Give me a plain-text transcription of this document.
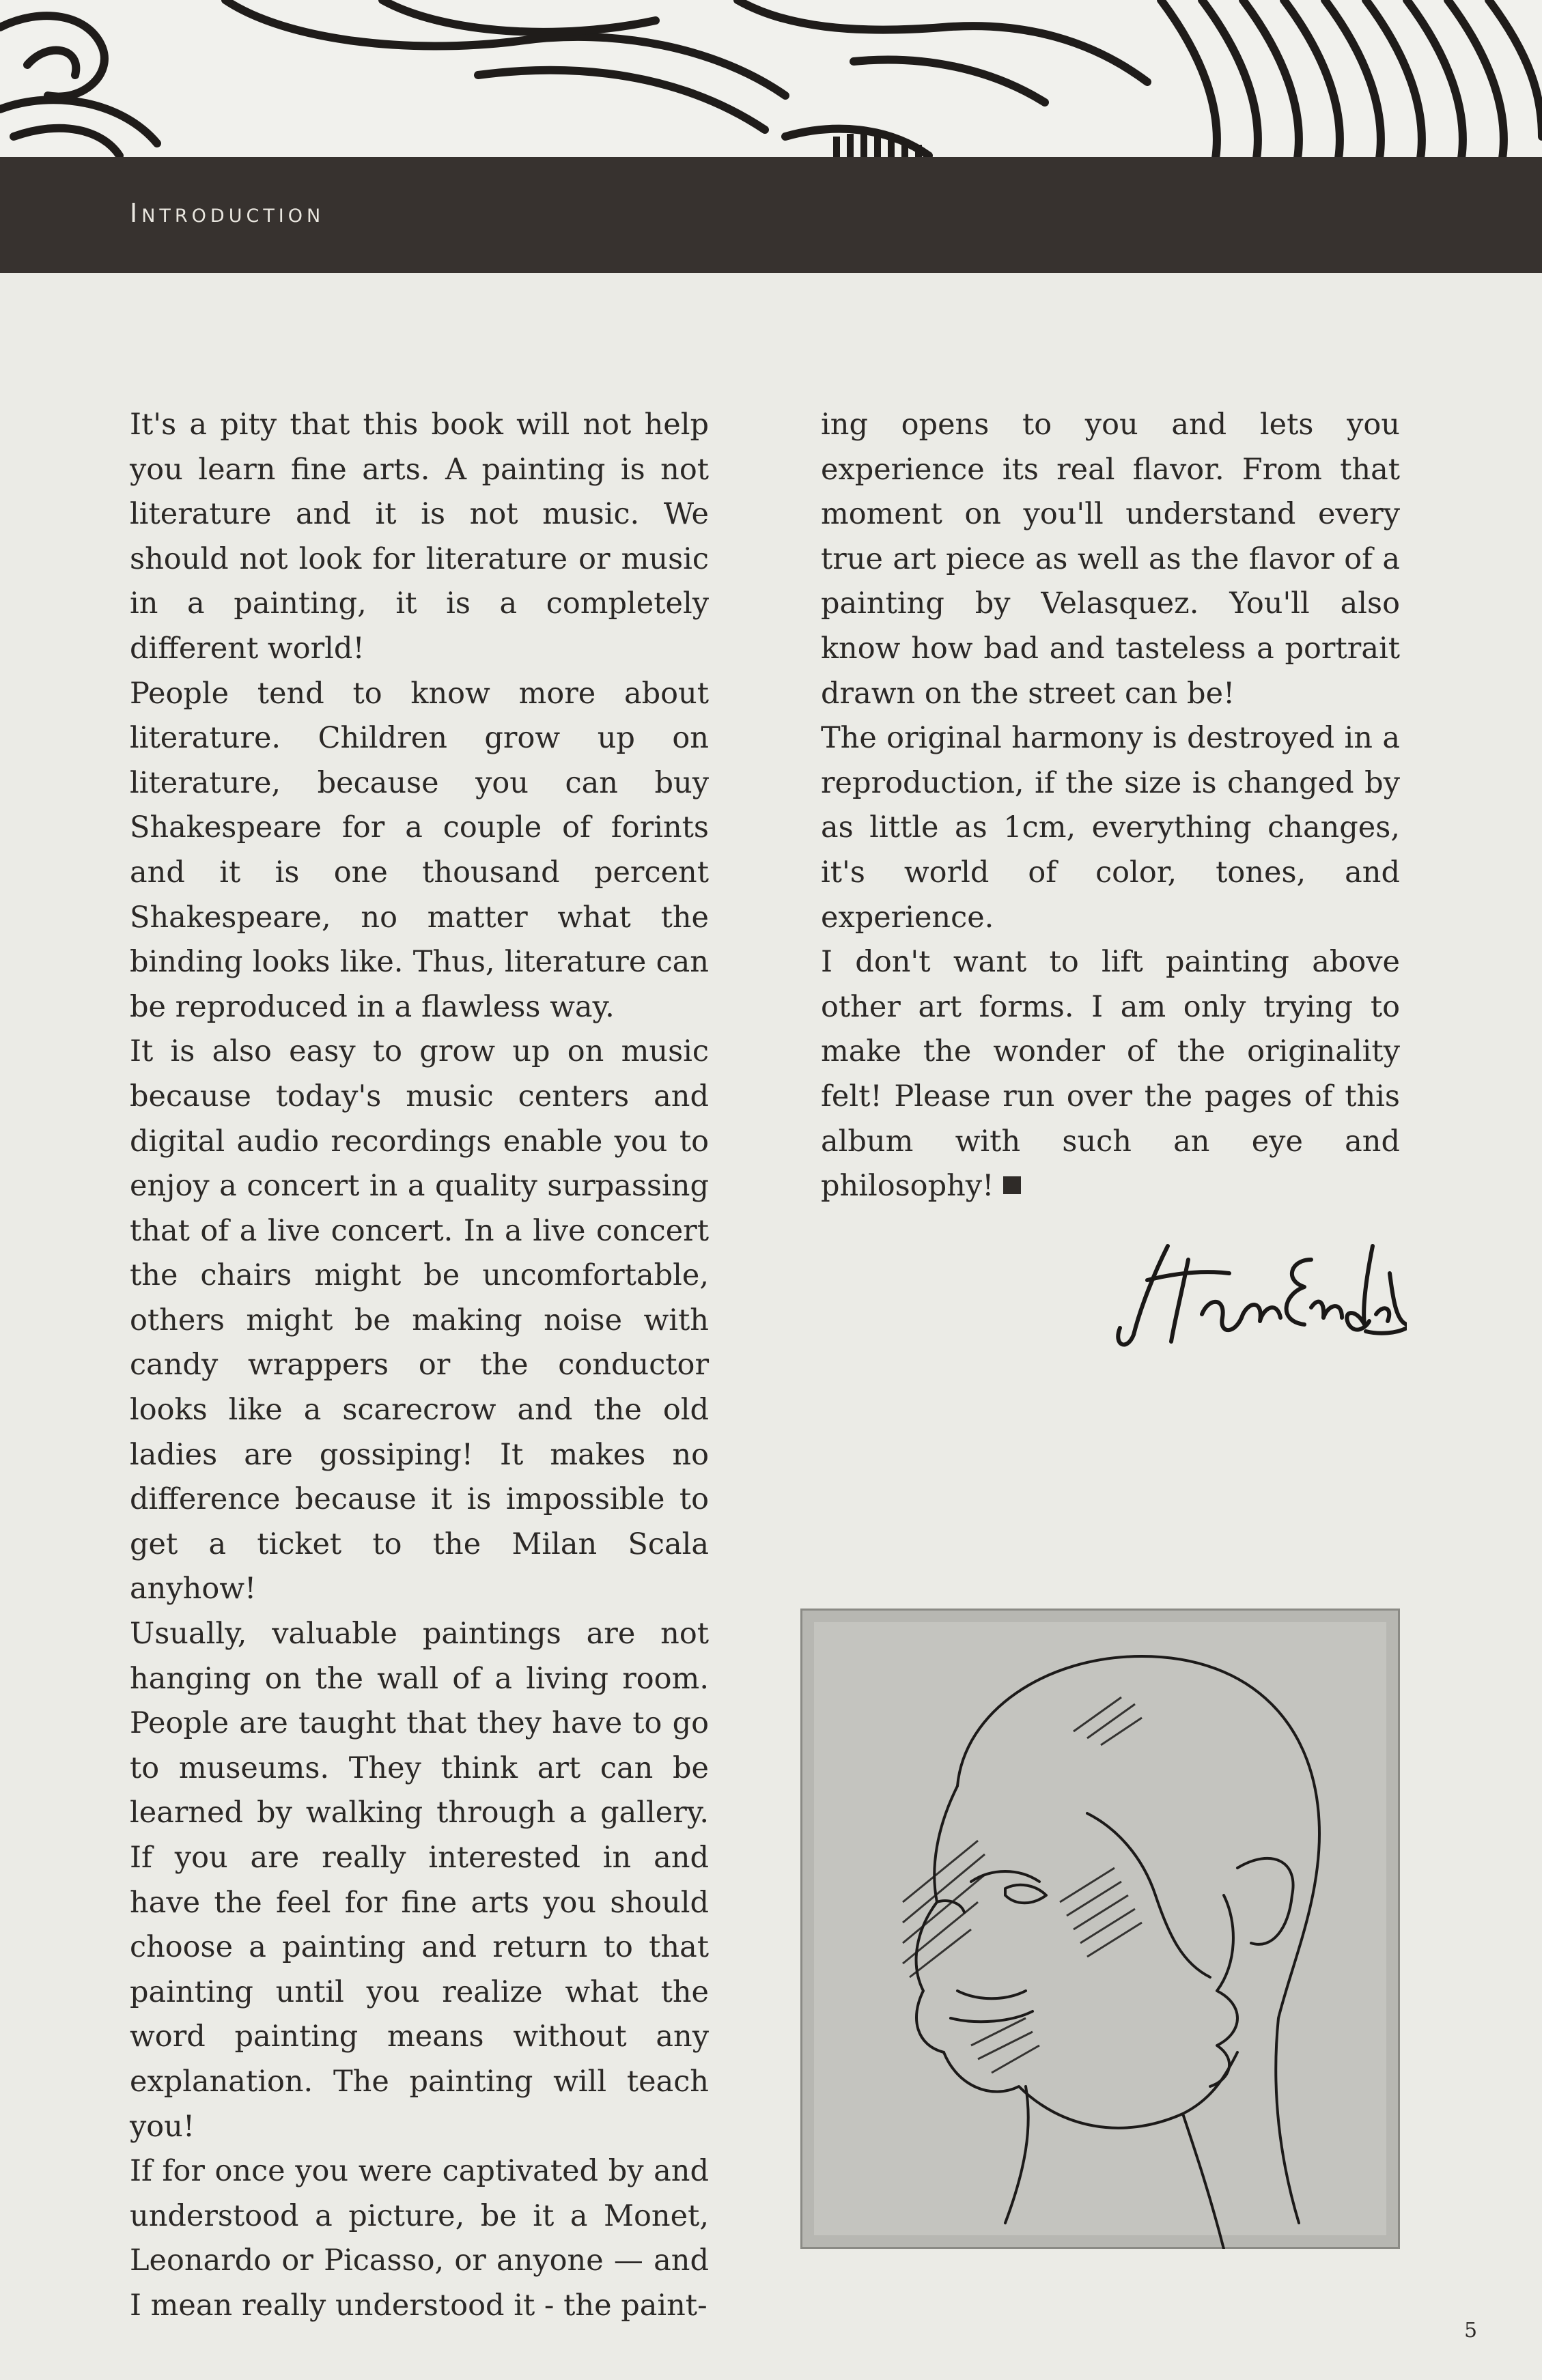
Introduction

It's a pity that this book will not help you learn fine arts. A painting is not literature and it is not music. We should not look for literature or music in a painting, it is a completely different world!

People tend to know more about literature. Children grow up on literature, because you can buy Shakespeare for a couple of forints and it is one thousand percent Shakespeare, no matter what the binding looks like. Thus, literature can be reproduced in a flawless way.

It is also easy to grow up on music because today's music centers and digital audio recordings enable you to enjoy a concert in a quality surpassing that of a live concert. In a live concert the chairs might be uncomfortable, others might be making noise with candy wrappers or the conductor looks like a scarecrow and the old ladies are gossiping! It makes no difference because it is impossible to get a ticket to the Milan Scala anyhow!

Usually, valuable paintings are not hanging on the wall of a living room. People are taught that they have to go to museums. They think art can be learned by walking through a gallery. If you are really interested in and have the feel for fine arts you should choose a painting and return to that painting until you realize what the word painting means without any explanation. The painting will teach you!

If for once you were captivated by and understood a picture, be it a Monet, Leonardo or Picasso, or anyone — and I mean really understood it - the paint-

ing opens to you and lets you experience its real flavor. From that moment on you'll understand every true art piece as well as the flavor of a painting by Velasquez. You'll also know how bad and tasteless a portrait drawn on the street can be!

The original harmony is destroyed in a reproduction, if the size is changed by as little as 1cm, everything changes, it's world of color, tones, and experience.

I don't want to lift painting above other art forms. I am only trying to make the wonder of the originality felt! Please run over the pages of this album with such an eye and philosophy!

5
